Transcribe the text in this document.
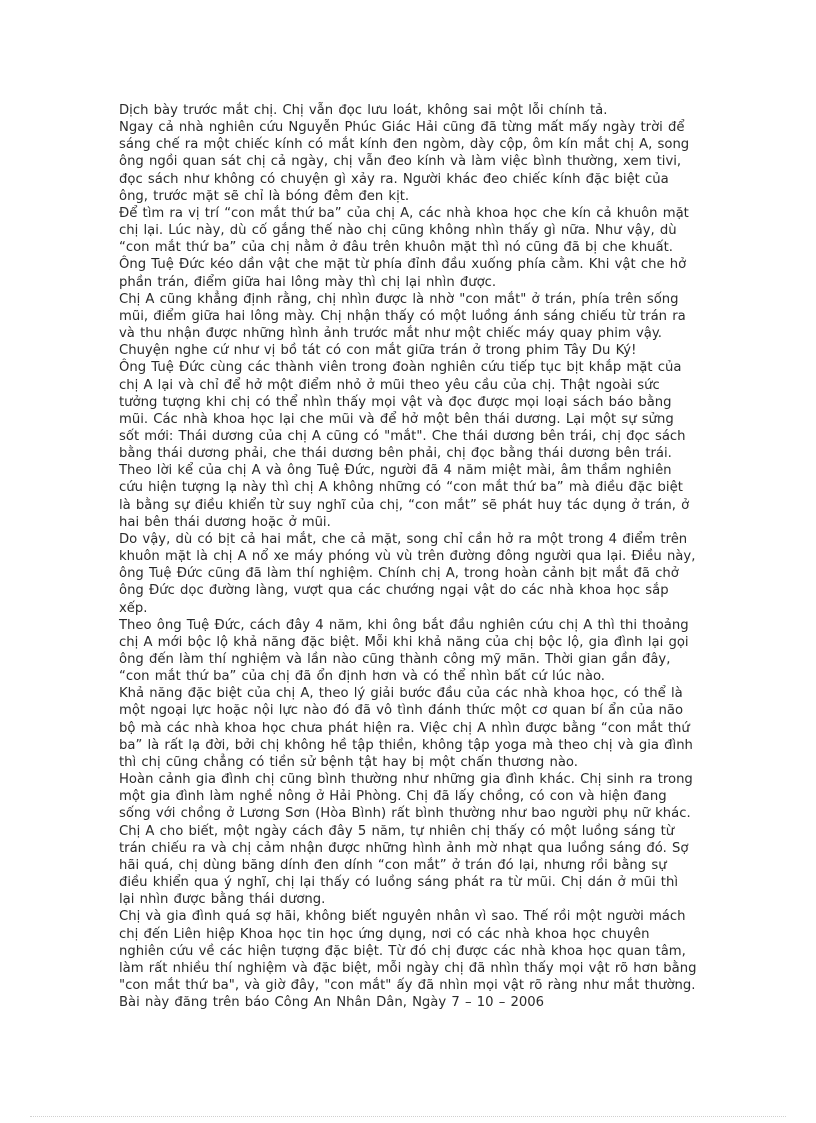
Dịch bày trước mắt chị. Chị vẫn đọc lưu loát, không sai một lỗi chính tả.

Ngay cả nhà nghiên cứu Nguyễn Phúc Giác Hải cũng đã từng mất mấy ngày trời để sáng chế ra một chiếc kính có mắt kính đen ngòm, dày cộp, ôm kín mắt chị A, song ông ngồi quan sát chị cả ngày, chị vẫn đeo kính và làm việc bình thường, xem tivi, đọc sách như không có chuyện gì xảy ra. Người khác đeo chiếc kính đặc biệt của ông, trước mặt sẽ chỉ là bóng đêm đen kịt.

Để tìm ra vị trí “con mắt thứ ba” của chị A, các nhà khoa học che kín cả khuôn mặt chị lại. Lúc này, dù cố gắng thế nào chị cũng không nhìn thấy gì nữa. Như vậy, dù “con mắt thứ ba” của chị nằm ở đâu trên khuôn mặt thì nó cũng đã bị che khuất.

Ông Tuệ Đức kéo dần vật che mặt từ phía đỉnh đầu xuống phía cằm. Khi vật che hở phần trán, điểm giữa hai lông mày thì chị lại nhìn được.

Chị A cũng khẳng định rằng, chị nhìn được là nhờ "con mắt" ở trán, phía trên sống mũi, điểm giữa hai lông mày. Chị nhận thấy có một luồng ánh sáng chiếu từ trán ra và thu nhận được những hình ảnh trước mắt như một chiếc máy quay phim vậy. Chuyện nghe cứ như vị bồ tát có con mắt giữa trán ở trong phim Tây Du Ký!

Ông Tuệ Đức cùng các thành viên trong đoàn nghiên cứu tiếp tục bịt khắp mặt của chị A lại và chỉ để hở một điểm nhỏ ở mũi theo yêu cầu của chị. Thật ngoài sức tưởng tượng khi chị có thể nhìn thấy mọi vật và đọc được mọi loại sách báo bằng mũi. Các nhà khoa học lại che mũi và để hở một bên thái dương. Lại một sự sửng sốt mới: Thái dương của chị A cũng có "mắt". Che thái dương bên trái, chị đọc sách bằng thái dương phải, che thái dương bên phải, chị đọc bằng thái dương bên trái.

Theo lời kể của chị A và ông Tuệ Đức, người đã 4 năm miệt mài, âm thầm nghiên cứu hiện tượng lạ này thì chị A không những có “con mắt thứ ba” mà điều đặc biệt là bằng sự điều khiển từ suy nghĩ của chị, “con mắt” sẽ phát huy tác dụng ở trán, ở hai bên thái dương hoặc ở mũi.

Do vậy, dù có bịt cả hai mắt, che cả mặt, song chỉ cần hở ra một trong 4 điểm trên khuôn mặt là chị A nổ xe máy phóng vù vù trên đường đông người qua lại. Điều này, ông Tuệ Đức cũng đã làm thí nghiệm. Chính chị A, trong hoàn cảnh bịt mắt đã chở ông Đức dọc đường làng, vượt qua các chướng ngại vật do các nhà khoa học sắp xếp.

Theo ông Tuệ Đức, cách đây 4 năm, khi ông bắt đầu nghiên cứu chị A thì thi thoảng chị A mới bộc lộ khả năng đặc biệt. Mỗi khi khả năng của chị bộc lộ, gia đình lại gọi ông đến làm thí nghiệm và lần nào cũng thành công mỹ mãn. Thời gian gần đây, “con mắt thứ ba” của chị đã ổn định hơn và có thể nhìn bất cứ lúc nào.

Khả năng đặc biệt của chị A, theo lý giải bước đầu của các nhà khoa học, có thể là một ngoại lực hoặc nội lực nào đó đã vô tình đánh thức một cơ quan bí ẩn của não bộ mà các nhà khoa học chưa phát hiện ra. Việc chị A nhìn được bằng “con mắt thứ ba” là rất lạ đời, bởi chị không hề tập thiền, không tập yoga mà theo chị và gia đình thì chị cũng chẳng có tiền sử bệnh tật hay bị một chấn thương nào.

Hoàn cảnh gia đình chị cũng bình thường như những gia đình khác. Chị sinh ra trong một gia đình làm nghề nông ở Hải Phòng. Chị đã lấy chồng, có con và hiện đang sống với chồng ở Lương Sơn (Hòa Bình) rất bình thường như bao người phụ nữ khác.

Chị A cho biết, một ngày cách đây 5 năm, tự nhiên chị thấy có một luồng sáng từ trán chiếu ra và chị cảm nhận được những hình ảnh mờ nhạt qua luồng sáng đó. Sợ hãi quá, chị dùng băng dính đen dính “con mắt” ở trán đó lại, nhưng rồi bằng sự điều khiển qua ý nghĩ, chị lại thấy có luồng sáng phát ra từ mũi. Chị dán ở mũi thì lại nhìn được bằng thái dương.

Chị và gia đình quá sợ hãi, không biết nguyên nhân vì sao. Thế rồi một người mách chị đến Liên hiệp Khoa học tin học ứng dụng, nơi có các nhà khoa học chuyên nghiên cứu về các hiện tượng đặc biệt. Từ đó chị được các nhà khoa học quan tâm, làm rất nhiều thí nghiệm và đặc biệt, mỗi ngày chị đã nhìn thấy mọi vật rõ hơn bằng "con mắt thứ ba", và giờ đây, "con mắt" ấy đã nhìn mọi vật rõ ràng như mắt thường.

Bài này đăng trên báo Công An Nhân Dân, Ngày 7 – 10 – 2006
